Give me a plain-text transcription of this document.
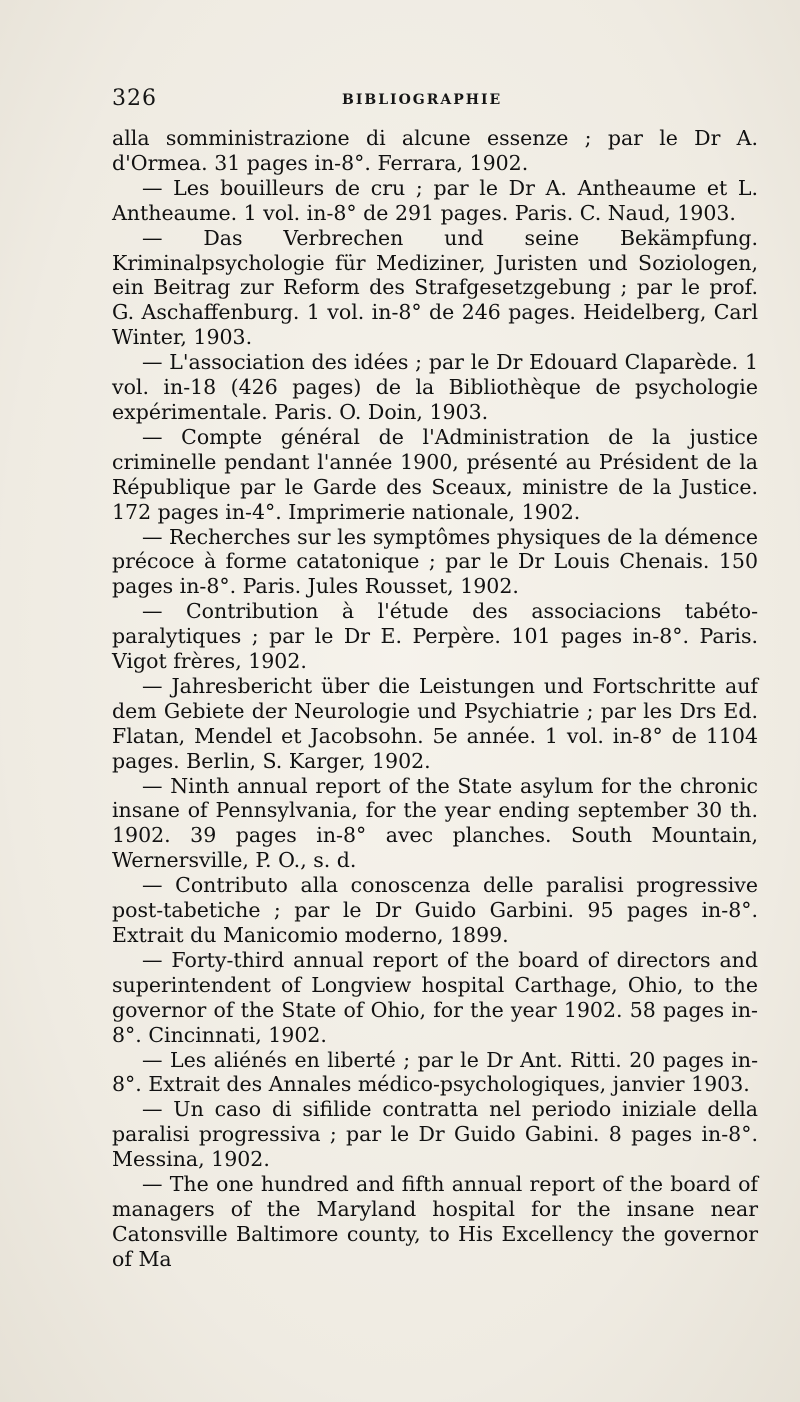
326	BIBLIOGRAPHIE

alla somministrazione di alcune essenze ; par le Dr A. d'Ormea. 31 pages in-8°. Ferrara, 1902.

— Les bouilleurs de cru ; par le Dr A. Antheaume et L. Antheaume. 1 vol. in-8° de 291 pages. Paris. C. Naud, 1903.

— Das Verbrechen und seine Bekämpfung. Kriminalpsychologie für Mediziner, Juristen und Soziologen, ein Beitrag zur Reform des Strafgesetzgebung ; par le prof. G. Aschaffenburg. 1 vol. in-8° de 246 pages. Heidelberg, Carl Winter, 1903.

— L'association des idées ; par le Dr Edouard Claparède. 1 vol. in-18 (426 pages) de la Bibliothèque de psychologie expérimentale. Paris. O. Doin, 1903.

— Compte général de l'Administration de la justice criminelle pendant l'année 1900, présenté au Président de la République par le Garde des Sceaux, ministre de la Justice. 172 pages in-4°. Imprimerie nationale, 1902.

— Recherches sur les symptômes physiques de la démence précoce à forme catatonique ; par le Dr Louis Chenais. 150 pages in-8°. Paris. Jules Rousset, 1902.

— Contribution à l'étude des associacions tabéto-paralytiques ; par le Dr E. Perpère. 101 pages in-8°. Paris. Vigot frères, 1902.

— Jahresbericht über die Leistungen und Fortschritte auf dem Gebiete der Neurologie und Psychiatrie ; par les Drs Ed. Flatan, Mendel et Jacobsohn. 5e année. 1 vol. in-8° de 1104 pages. Berlin, S. Karger, 1902.

— Ninth annual report of the State asylum for the chronic insane of Pennsylvania, for the year ending september 30 th. 1902. 39 pages in-8° avec planches. South Mountain, Wernersville, P. O., s. d.

— Contributo alla conoscenza delle paralisi progressive post-tabetiche ; par le Dr Guido Garbini. 95 pages in-8°. Extrait du Manicomio moderno, 1899.

— Forty-third annual report of the board of directors and superintendent of Longview hospital Carthage, Ohio, to the governor of the State of Ohio, for the year 1902. 58 pages in-8°. Cincinnati, 1902.

— Les aliénés en liberté ; par le Dr Ant. Ritti. 20 pages in-8°. Extrait des Annales médico-psychologiques, janvier 1903.

— Un caso di sifilide contratta nel periodo iniziale della paralisi progressiva ; par le Dr Guido Gabini. 8 pages in-8°. Messina, 1902.

— The one hundred and fifth annual report of the board of managers of the Maryland hospital for the insane near Catonsville Baltimore county, to His Excellency the governor of Ma
